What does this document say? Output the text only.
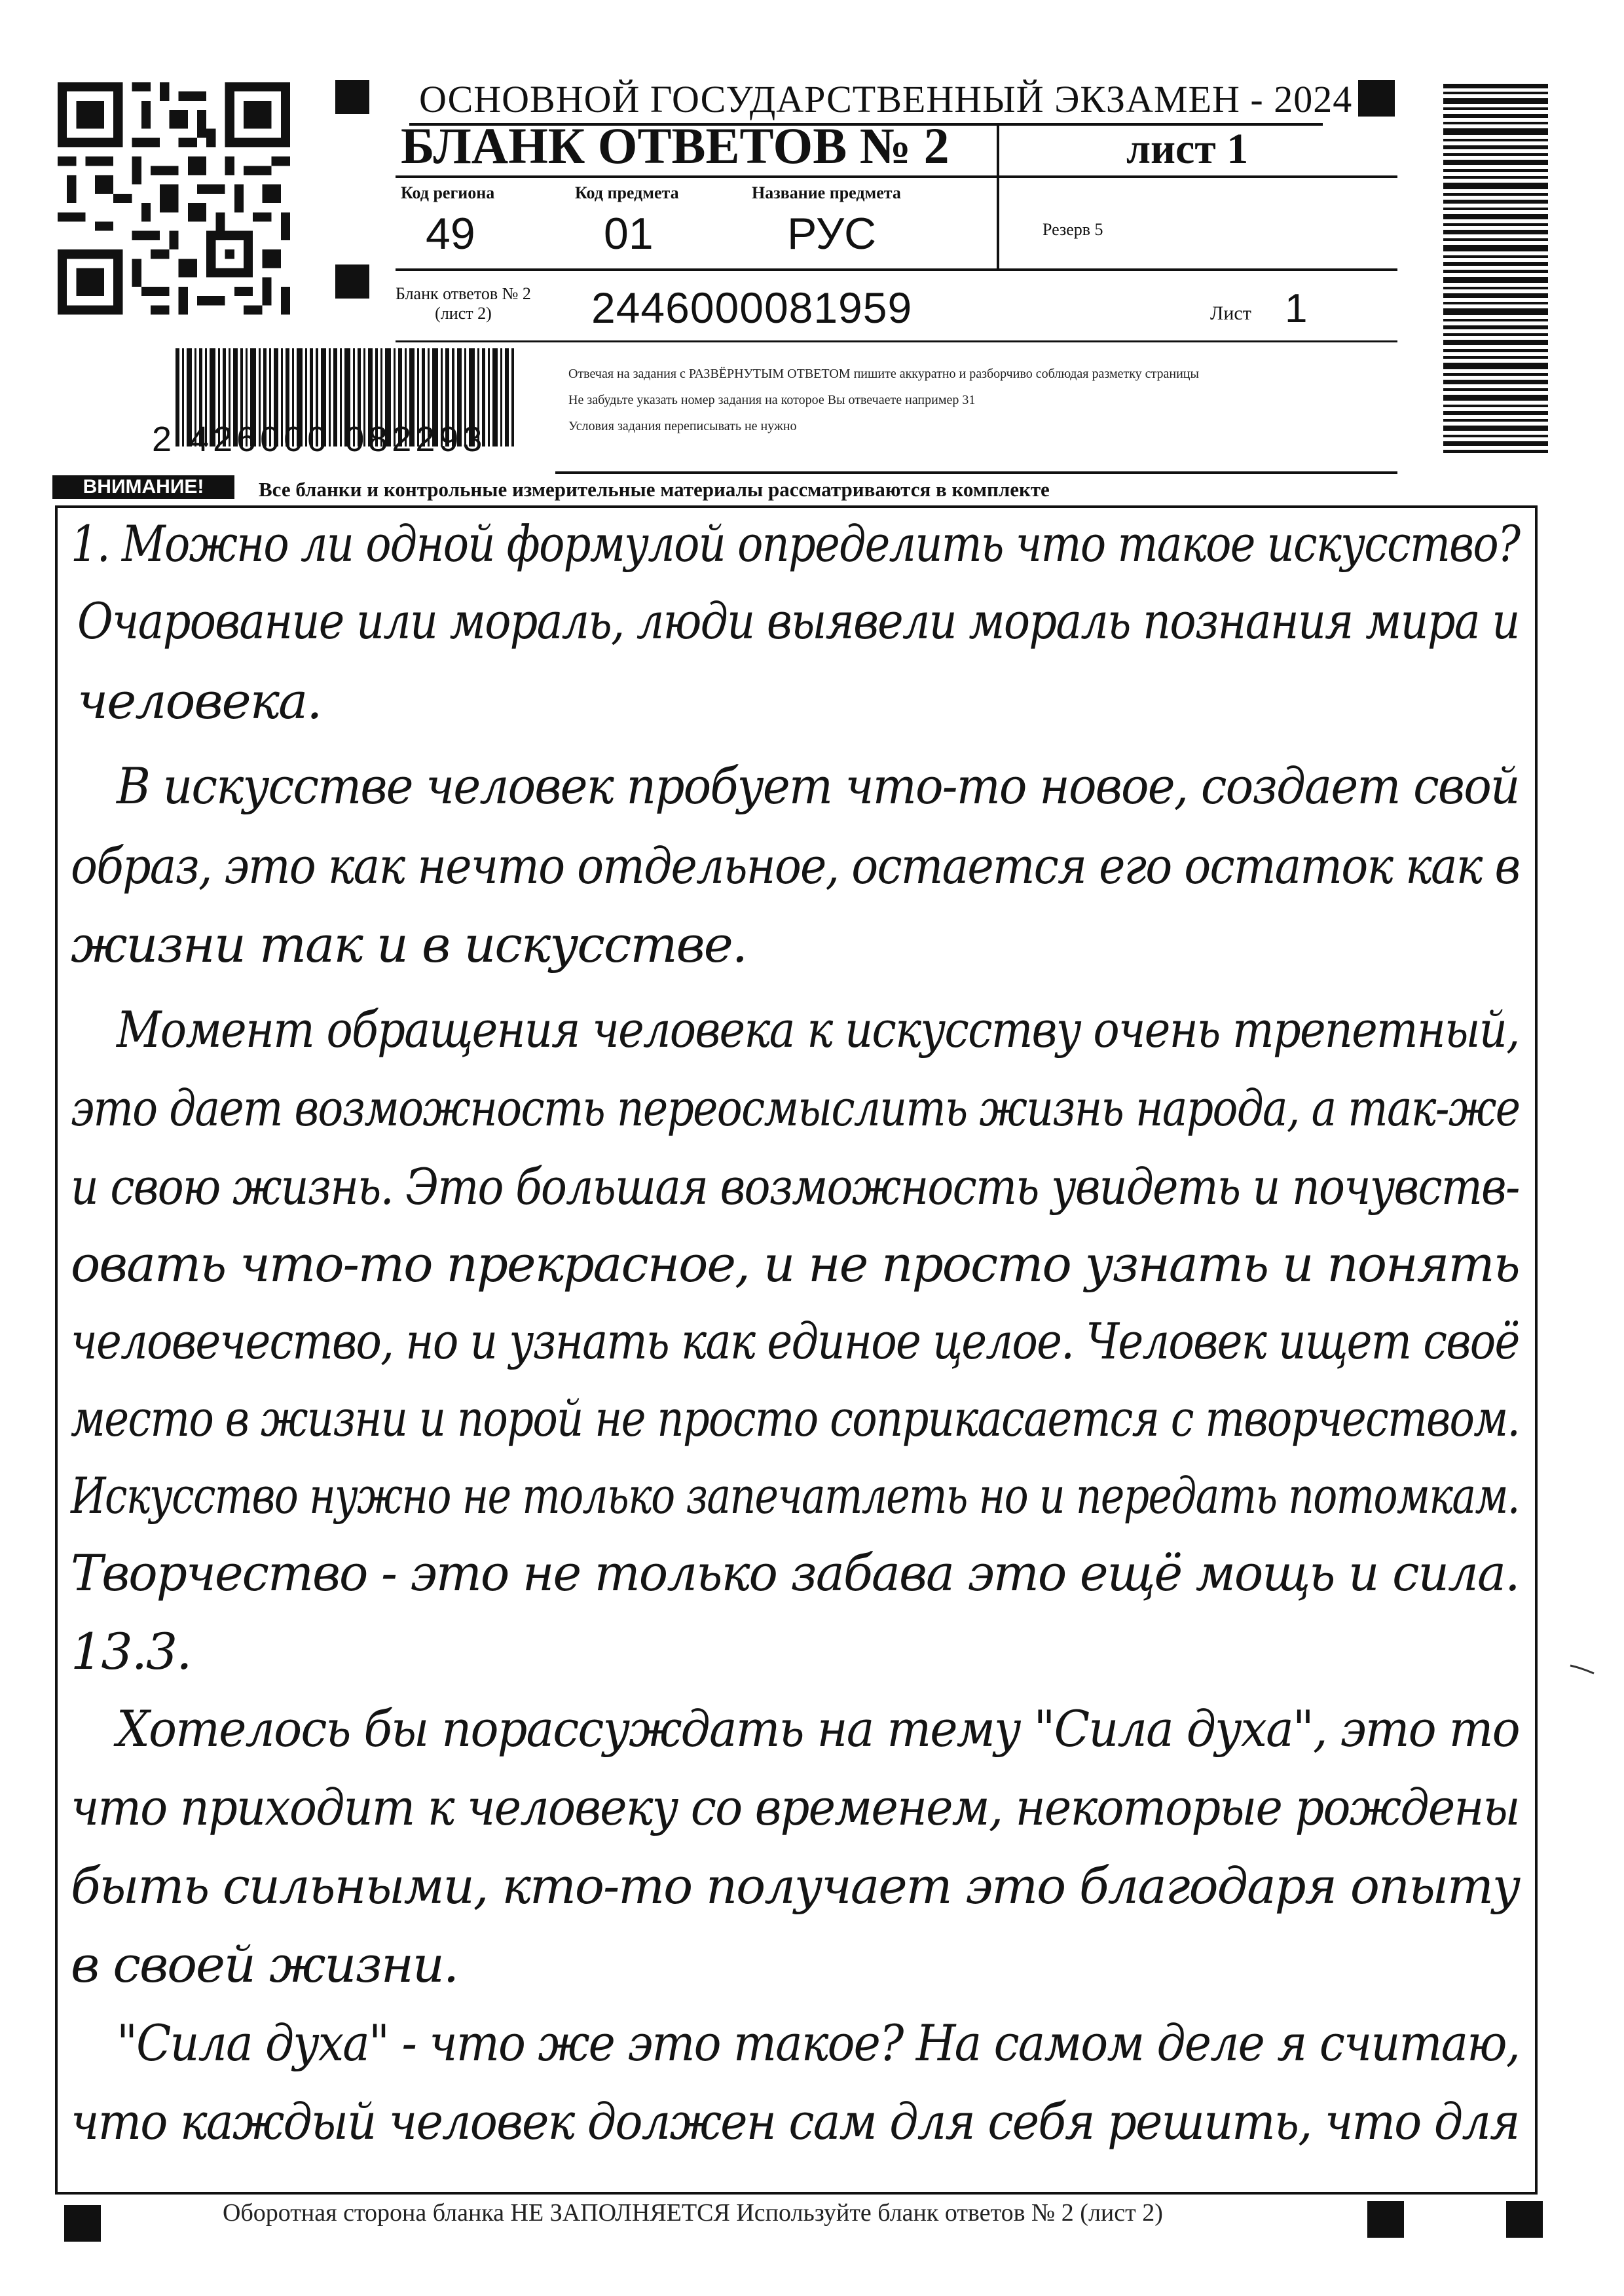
ОСНОВНОЙ ГОСУДАРСТВЕННЫЙ ЭКЗАМЕН - 2024
БЛАНК ОТВЕТОВ № 2	лист 1
Код региона
49
Код предмета
01
Название предмета
РУС	Резерв 5
Бланк ответов № 2
(лист 2)	2446000081959	Лист 1
Отвечая на задания с РАЗВЁРНУТЫМ ОТВЕТОМ пишите аккуратно и разборчиво соблюдая разметку страницы
Не забудьте указать номер задания на которое Вы отвечаете например 31
Условия задания переписывать не нужно
2 426000 082293
ВНИМАНИЕ!	Все бланки и контрольные измерительные материалы рассматриваются в комплекте
1. Можно ли одной формулой определить что такое искусство?
Очарование или мораль, люди выявели мораль познания мира и
человека.
В искусстве человек пробует что-то новое, создает свой
образ, это как нечто отдельное, остается его остаток как в
жизни так и в искусстве.
Момент обращения человека к искусству очень трепетный,
это дает возможность переосмыслить жизнь народа, а так-же
и свою жизнь. Это большая возможность увидеть и почувств-
овать что-то прекрасное, и не просто узнать и понять
человечество, но и узнать как единое целое. Человек ищет своё
место в жизни и порой не просто соприкасается с творчеством.
Искусство нужно не только запечатлеть но и передать потомкам.
Творчество - это не только забава это ещё мощь и сила.
13.3.
Хотелось бы порассуждать на тему "Сила духа", это то
что приходит к человеку со временем, некоторые рождены
быть сильными, кто-то получает это благодаря опыту
в своей жизни.
"Сила духа" - что же это такое? На самом деле я считаю,
что каждый человек должен сам для себя решить, что для
Оборотная сторона бланка НЕ ЗАПОЛНЯЕТСЯ Используйте бланк ответов № 2 (лист 2)
